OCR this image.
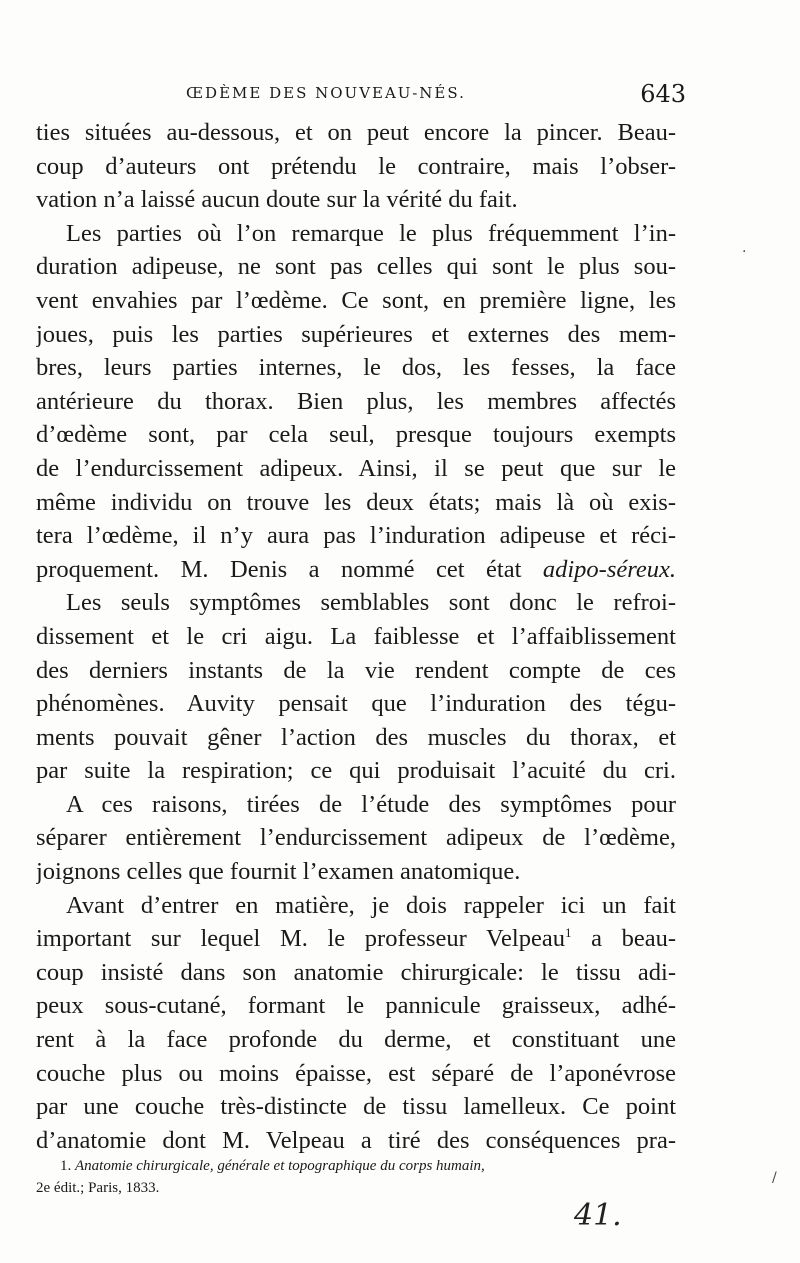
ŒDÈME DES NOUVEAU-NÉS.	643
ties situées au-dessous, et on peut encore la pincer. Beau-
coup d’auteurs ont prétendu le contraire, mais l’obser-
vation n’a laissé aucun doute sur la vérité du fait.
Les parties où l’on remarque le plus fréquemment l’in-
duration adipeuse, ne sont pas celles qui sont le plus sou-
vent envahies par l’œdème. Ce sont, en première ligne, les
joues, puis les parties supérieures et externes des mem-
bres, leurs parties internes, le dos, les fesses, la face
antérieure du thorax. Bien plus, les membres affectés
d’œdème sont, par cela seul, presque toujours exempts
de l’endurcissement adipeux. Ainsi, il se peut que sur le
même individu on trouve les deux états; mais là où exis-
tera l’œdème, il n’y aura pas l’induration adipeuse et réci-
proquement. M. Denis a nommé cet état adipo-séreux.
Les seuls symptômes semblables sont donc le refroi-
dissement et le cri aigu. La faiblesse et l’affaiblissement
des derniers instants de la vie rendent compte de ces
phénomènes. Auvity pensait que l’induration des tégu-
ments pouvait gêner l’action des muscles du thorax, et
par suite la respiration; ce qui produisait l’acuité du cri.
A ces raisons, tirées de l’étude des symptômes pour
séparer entièrement l’endurcissement adipeux de l’œdème,
joignons celles que fournit l’examen anatomique.
Avant d’entrer en matière, je dois rappeler ici un fait
important sur lequel M. le professeur Velpeau$^1$ a beau-
coup insisté dans son anatomie chirurgicale: le tissu adi-
peux sous-cutané, formant le pannicule graisseux, adhé-
rent à la face profonde du derme, et constituant une
couche plus ou moins épaisse, est séparé de l’aponévrose
par une couche très-distincte de tissu lamelleux. Ce point
d’anatomie dont M. Velpeau a tiré des conséquences pra-

1. Anatomie chirurgicale, générale et topographique du corps humain,
2e édit.; Paris, 1833.
41.
.
/
